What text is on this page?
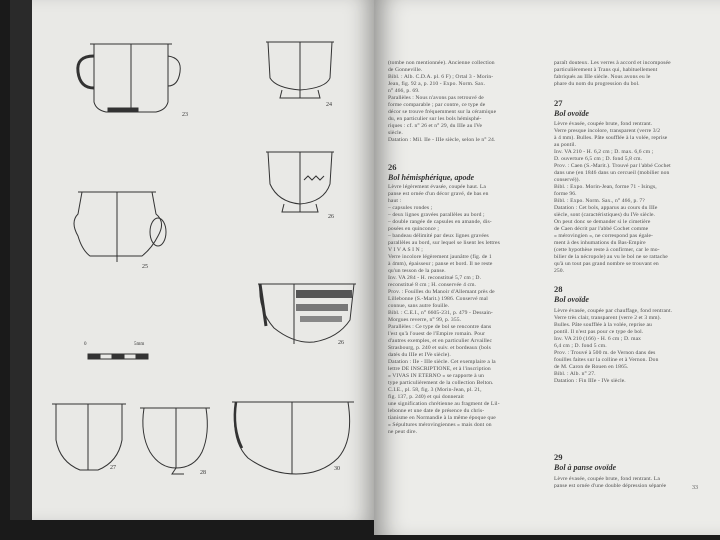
23
24
25
26
26
0	5mm
27
28
30
(tombe non mentionnée). Ancienne collection
de Gonneville.
Bibl. : Alb. C.D.A. pl. 6 F) ; Ortal 3 - Morin-
Jean, fig. 92 a, p. 210 - Expo. Norm. Sax.
n° 466, p. 69.
Parallèles : Nous n'avons pas retrouvé de
forme comparable ; par contre, ce type de
décor se trouve fréquemment sur la céramique
du, en particulier sur les bols hémisphé-
riques : cf. n° 26 et n° 29, du IIIe au IVe
siècle.
Datation : Mil. IIe - IIIe siècle, selon le n° 24.
26
Bol hémisphérique, apode
Lèvre légèrement évasée, coupée haut. La
panse est ornée d'un décor gravé, de bas en
haut :
– capsules rondes ;
– deux lignes gravées parallèles au bord ;
– double rangée de capsules en amande, dis-
posées en quinconce ;
– bandeau délimité par deux lignes gravées
parallèles au bord, sur lequel se lisent les lettres
V I V A S I N ;
Verre incolore légèrement jaunâtre (fig. de 1
à 4mm), épaisseur ; panse et bord. Il ne reste
qu'un tesson de la panse.
Inv. VA 284 - H. reconstitué 5,7 cm ; D.
reconstitué 8 cm ; H. conservée 4 cm.
Prov. : Fouilles du Manoir d'Allemant près de
Lillebonne (S.-Marit.) 1986. Conservé mal
connue, sans autre fouille.
Bibl. : C.E.I., n° 6605-231, p. 479 - Dessain-
Morgues reverre, n° 99, p. 355.
Parallèles : Ce type de bol se rencontre dans
l'est qu'à l'ouest de l'Empire romain. Pour
d'autres exemples, et en particulier Arvaillec
Strasbourg, p. 240 et suiv. et bordeaux (bols
datés du IIIe et IVe siècle).
Datation : IIe - IIIe siècle. Cet exemplaire a la
lettre DE INSCRIPTIONE, et à l'inscription
« VIVAS IN ETERNO » se rapporte à un
type particulièrement de la collection Belton.
C.I.E., pl. 58, fig. 3 (Morin-Jean, pl. 21,
fig. 137, p. 240) et qui donnerait
une signification chrétienne au fragment de Lil-
lebonne et une date de présence du chris-
tianisme en Normandie à la même époque que
« Sépultures mérovingiennes » mais dont on
ne peut dire.
paraît douteux. Les verres à accord et incomposée
particulièrement à Trans qui, habituellement
fabriqués au IIIe siècle. Nous avons eu le
phare du nom du progression du bol.
27
Bol ovoïde
Lèvre évasée, coupée brute, fond rentrant.
Verre presque incolore, transparent (verre 3/2
à 4 mm). Bulles. Pâte soufflée à la volée, reprise
au pontil.
Inv. VA 210 - H. 6,2 cm ; D. max. 6,6 cm ;
D. ouverture 6,5 cm ; D. fond 5,8 cm.
Prov. : Caen (S.-Marit.). Trouvé par l'abbé Cochet
dans une (en 1846 dans un cercueil (mobilier non
conservé)).
Bibl. : Expo. Morin-Jean, forme 71 - Isings,
forme 96.
Bibl. : Expo. Norm. Sax., n° 466, p. 7?
Datation : Cet bols, apparus au cours du IIIe
siècle, sont (caractéristiques) du IVe siècle.
On peut donc se demander si le cimetière
de Caen décrit par l'abbé Cochet comme
« mérovingien », ne correspond pas égale-
ment à des inhumations du Bas-Empire
(cette hypothèse reste à confirmer, car le mo-
bilier de la nécropole) au vu le bol ne se rattache
qu'à un tout pas grand nombre se trouvant en
250.
28
Bol ovoïde
Lèvre évasée, coupée par chauffage, fond rentrant.
Verre très clair, transparent (verre 2 et 3 mm).
Bulles. Pâte soufflée à la volée, reprise au
pontil. Il n'est pas pour ce type de bol.
Inv. VA 210 (166) - H. 6 cm ; D. max
6,4 cm ; D. fond 5 cm.
Prov. : Trouvé à 500 m. de Vernon dans des
fouilles faites sur la colline et à Vernon. Don
de M. Caron de Rouen en 1865.
Bibl. : Alb. n° 27.
Datation : Fin IIIe - IVe siècle.
29
Bol à panse ovoïde
Lèvre évasée, coupée brute, fond rentrant. La
panse est ornée d'une double dépression séparée	33
